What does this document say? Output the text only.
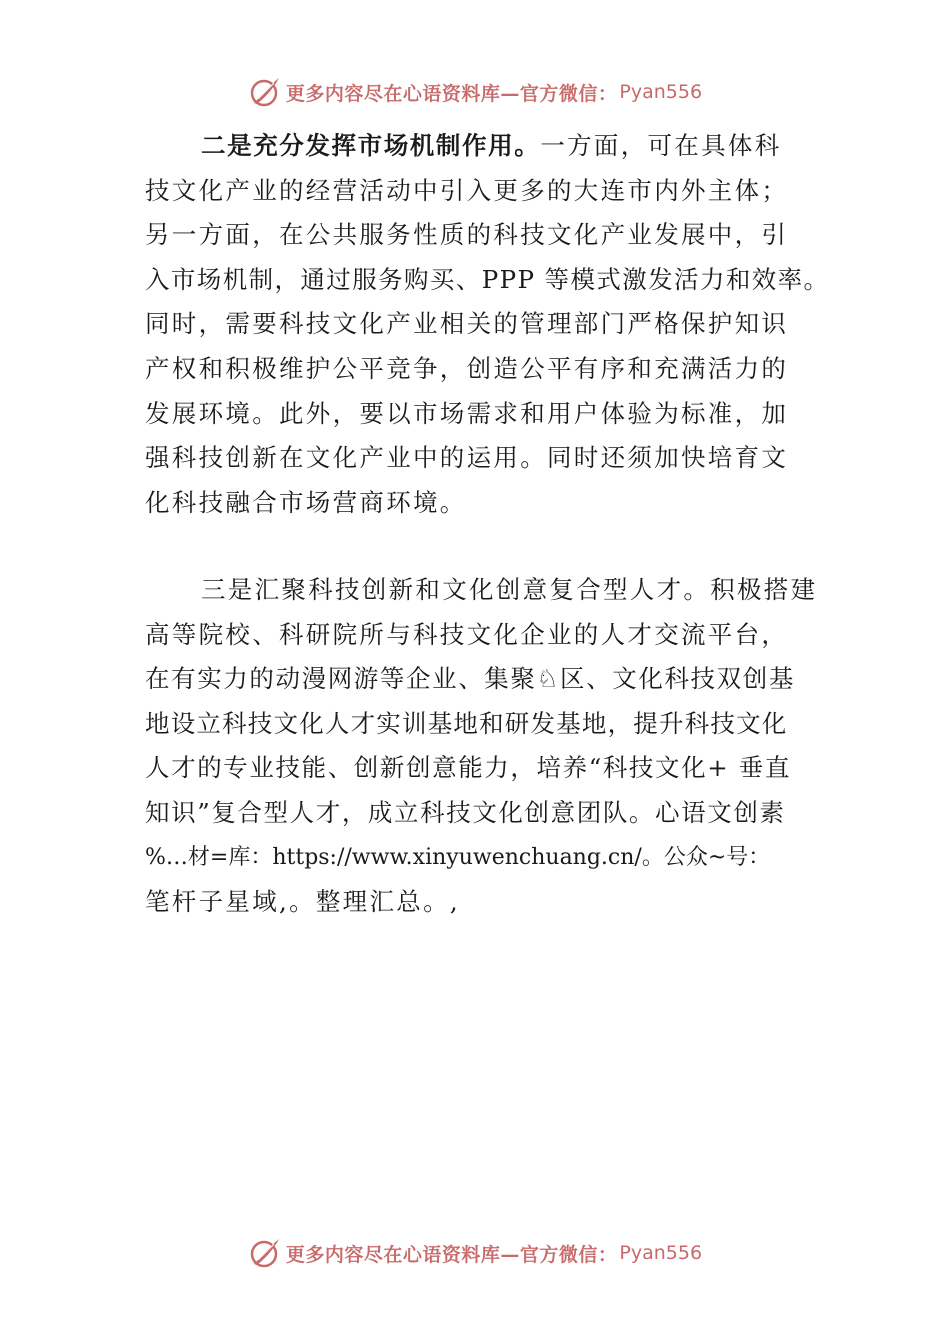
更多内容尽在心语资料库—官方微信： Pyan556
二是充分发挥市场机制作用。一方面，可在具体科
技文化产业的经营活动中引入更多的大连市内外主体；
另一方面，在公共服务性质的科技文化产业发展中，引
入市场机制，通过服务购买、PPP 等模式激发活力和效率。
同时，需要科技文化产业相关的管理部门严格保护知识
产权和积极维护公平竞争，创造公平有序和充满活力的
发展环境。此外，要以市场需求和用户体验为标准，加
强科技创新在文化产业中的运用。同时还须加快培育文
化科技融合市场营商环境。
三是汇聚科技创新和文化创意复合型人才。积极搭建
高等院校、科研院所与科技文化企业的人才交流平台，
在有实力的动漫网游等企业、集聚♘区、文化科技双创基
地设立科技文化人才实训基地和研发基地，提升科技文化
人才的专业技能、创新创意能力，培养“科技文化+ 垂直
知识”复合型人才，成立科技文化创意团队。心语文创素
%…材=库：https://www.xinyuwenchuang.cn/。公众~号：
笔杆子星域,。整理汇总。,
更多内容尽在心语资料库—官方微信： Pyan556
